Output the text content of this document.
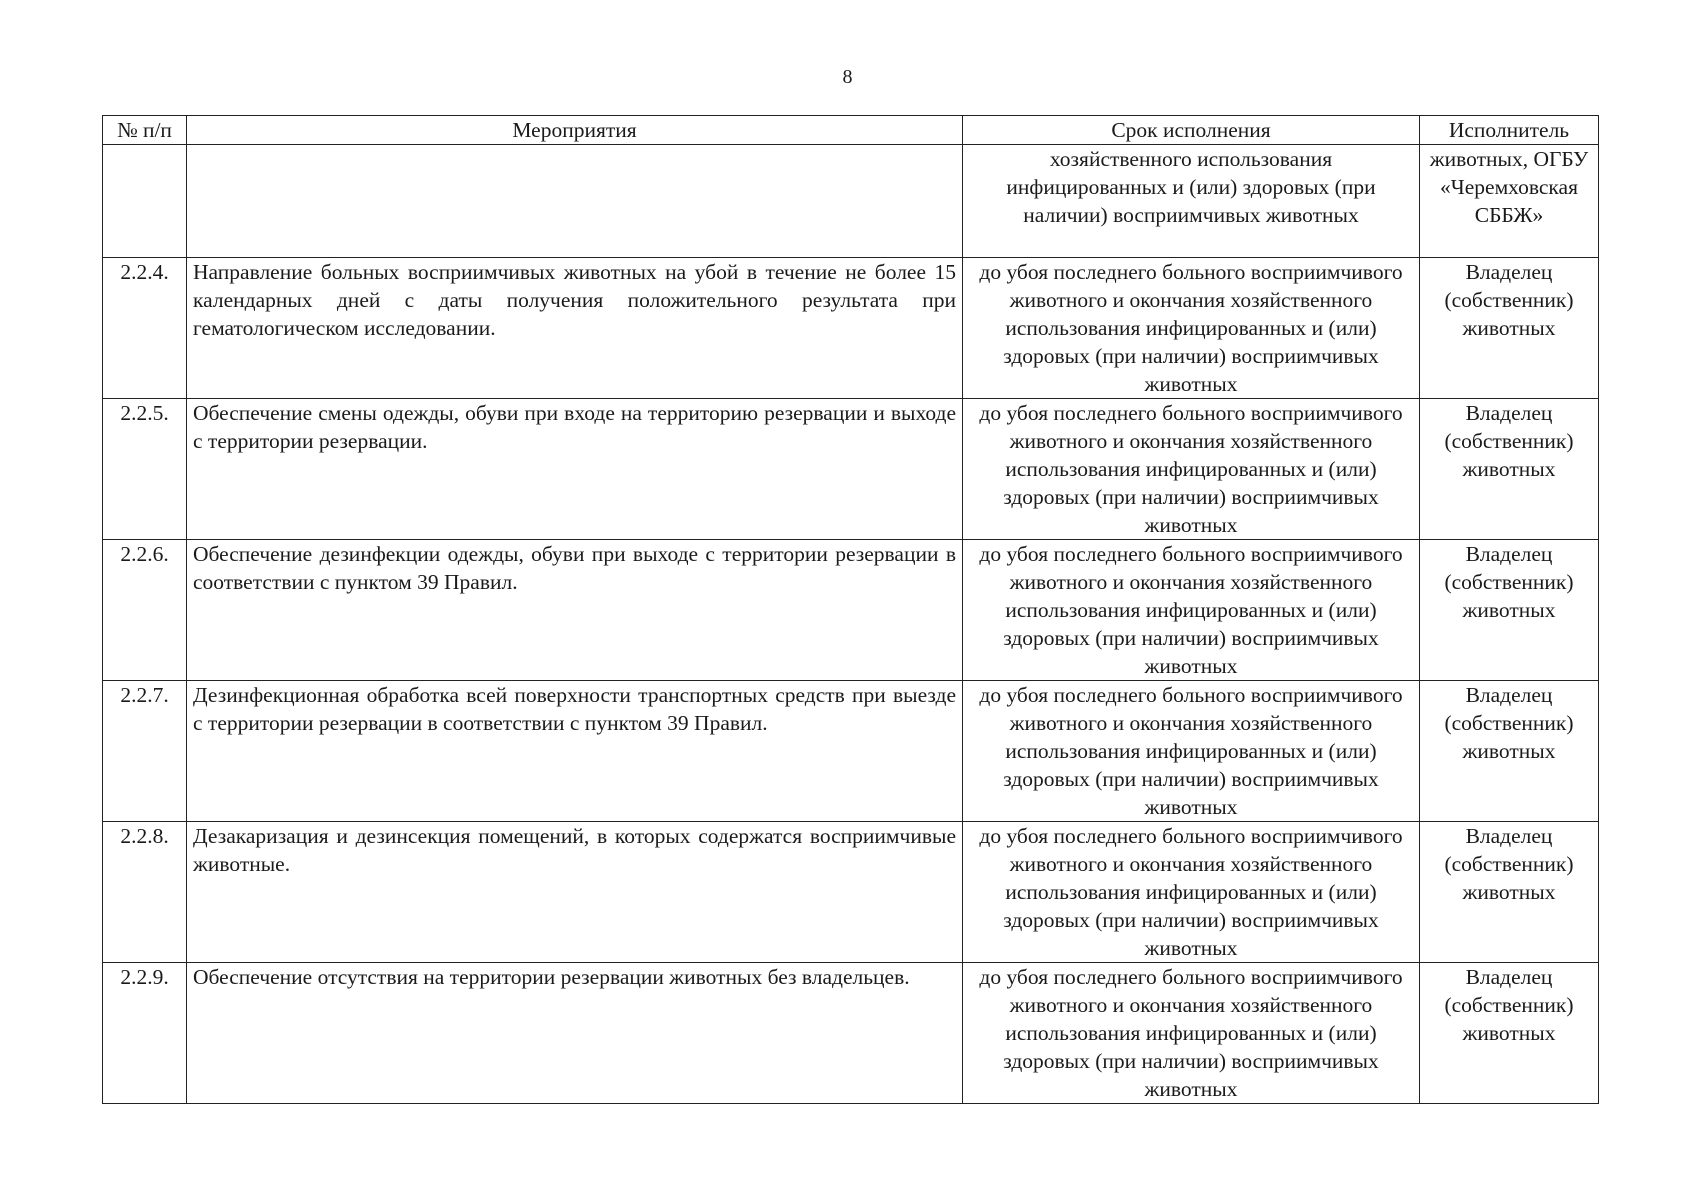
8
№ п/п	Мероприятия	Срок исполнения	Исполнитель
		хозяйственного использования инфицированных и (или) здоровых (при наличии) восприимчивых животных	животных, ОГБУ «Черемховская СББЖ»
2.2.4.	Направление больных восприимчивых животных на убой в течение не более 15 календарных дней с даты получения положительного результата при гематологическом исследовании.	до убоя последнего больного восприимчивого животного и окончания хозяйственного использования инфицированных и (или) здоровых (при наличии) восприимчивых животных	Владелец (собственник) животных
2.2.5.	Обеспечение смены одежды, обуви при входе на территорию резервации и выходе с территории резервации.	до убоя последнего больного восприимчивого животного и окончания хозяйственного использования инфицированных и (или) здоровых (при наличии) восприимчивых животных	Владелец (собственник) животных
2.2.6.	Обеспечение дезинфекции одежды, обуви при выходе с территории резервации в соответствии с пунктом 39 Правил.	до убоя последнего больного восприимчивого животного и окончания хозяйственного использования инфицированных и (или) здоровых (при наличии) восприимчивых животных	Владелец (собственник) животных
2.2.7.	Дезинфекционная обработка всей поверхности транспортных средств при выезде с территории резервации в соответствии с пунктом 39 Правил.	до убоя последнего больного восприимчивого животного и окончания хозяйственного использования инфицированных и (или) здоровых (при наличии) восприимчивых животных	Владелец (собственник) животных
2.2.8.	Дезакаризация и дезинсекция помещений, в которых содержатся восприимчивые животные.	до убоя последнего больного восприимчивого животного и окончания хозяйственного использования инфицированных и (или) здоровых (при наличии) восприимчивых животных	Владелец (собственник) животных
2.2.9.	Обеспечение отсутствия на территории резервации животных без владельцев.	до убоя последнего больного восприимчивого животного и окончания хозяйственного использования инфицированных и (или) здоровых (при наличии) восприимчивых животных	Владелец (собственник) животных
